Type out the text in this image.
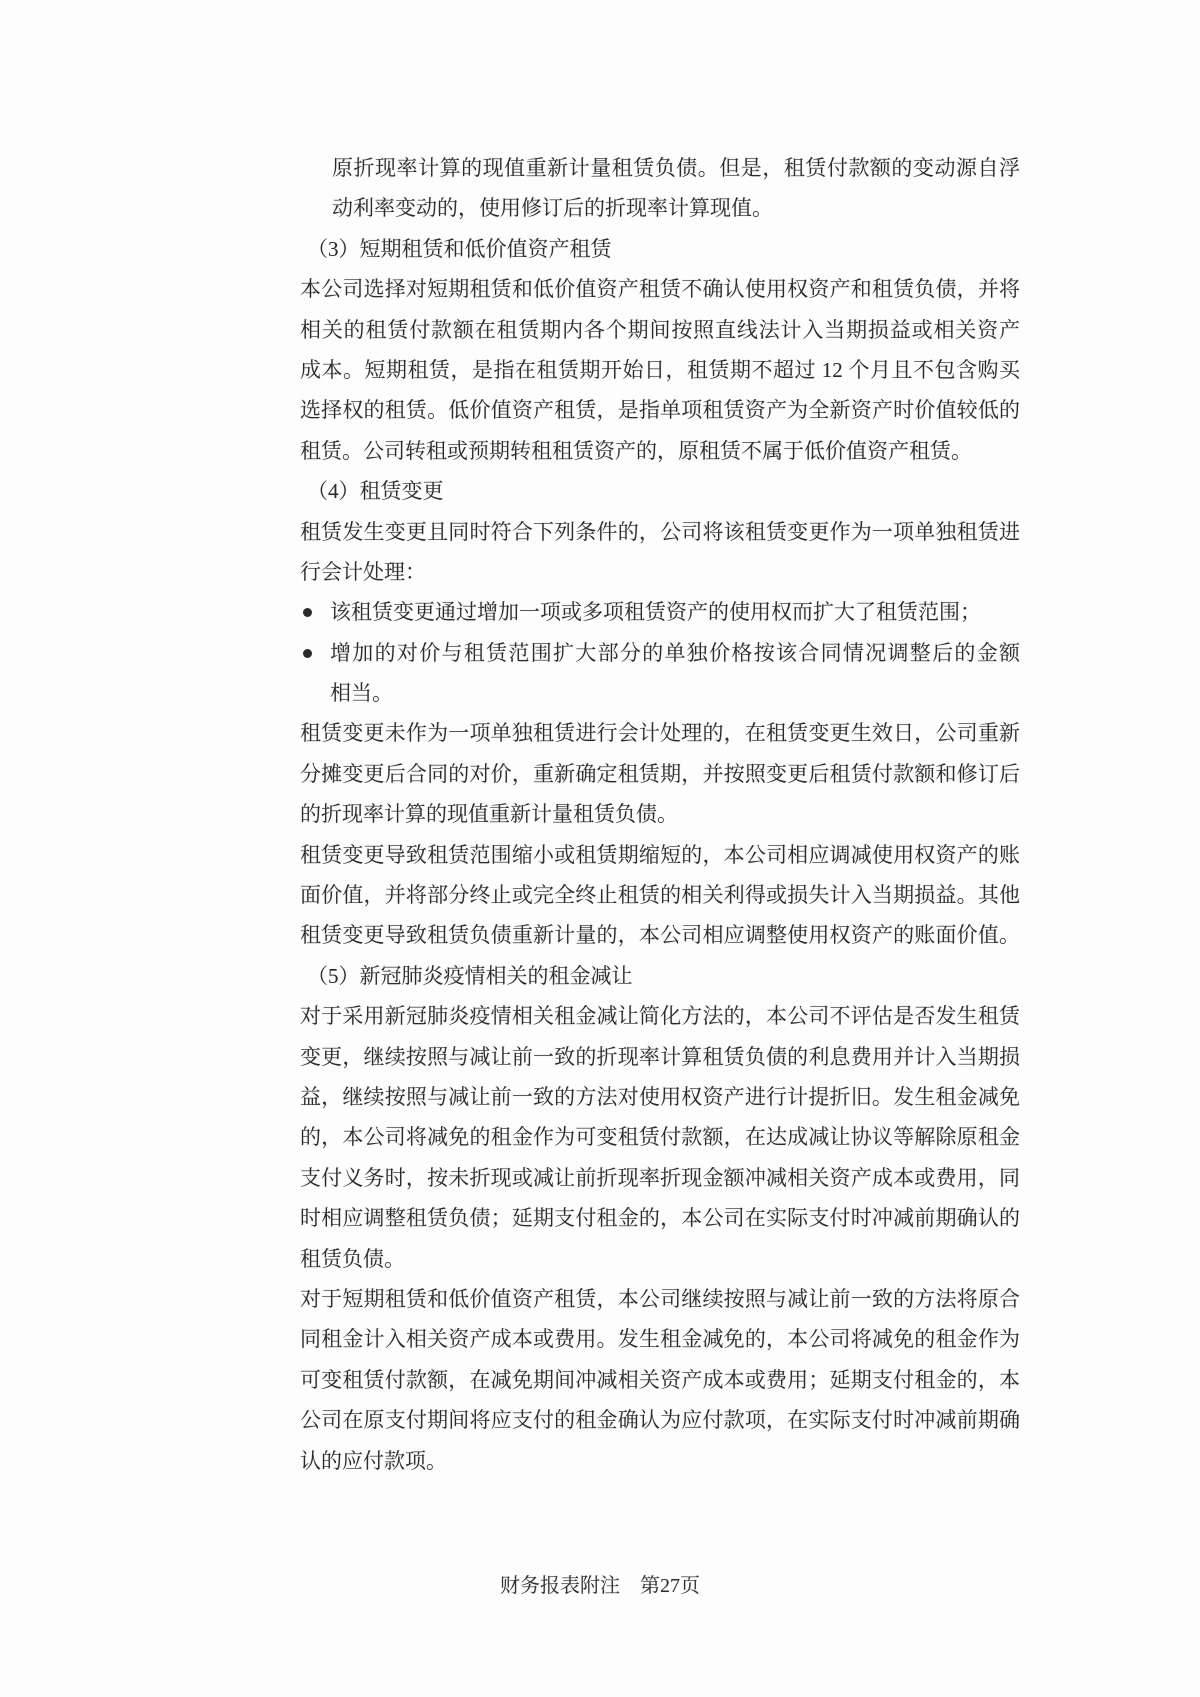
原折现率计算的现值重新计量租赁负债。但是，租赁付款额的变动源自浮
动利率变动的，使用修订后的折现率计算现值。
（3）短期租赁和低价值资产租赁
本公司选择对短期租赁和低价值资产租赁不确认使用权资产和租赁负债，并将
相关的租赁付款额在租赁期内各个期间按照直线法计入当期损益或相关资产
成本。短期租赁，是指在租赁期开始日，租赁期不超过 12 个月且不包含购买
选择权的租赁。低价值资产租赁，是指单项租赁资产为全新资产时价值较低的
租赁。公司转租或预期转租租赁资产的，原租赁不属于低价值资产租赁。
（4）租赁变更
租赁发生变更且同时符合下列条件的，公司将该租赁变更作为一项单独租赁进
行会计处理：
该租赁变更通过增加一项或多项租赁资产的使用权而扩大了租赁范围；
增加的对价与租赁范围扩大部分的单独价格按该合同情况调整后的金额
相当。
租赁变更未作为一项单独租赁进行会计处理的，在租赁变更生效日，公司重新
分摊变更后合同的对价，重新确定租赁期，并按照变更后租赁付款额和修订后
的折现率计算的现值重新计量租赁负债。
租赁变更导致租赁范围缩小或租赁期缩短的，本公司相应调减使用权资产的账
面价值，并将部分终止或完全终止租赁的相关利得或损失计入当期损益。其他
租赁变更导致租赁负债重新计量的，本公司相应调整使用权资产的账面价值。
（5）新冠肺炎疫情相关的租金减让
对于采用新冠肺炎疫情相关租金减让简化方法的，本公司不评估是否发生租赁
变更，继续按照与减让前一致的折现率计算租赁负债的利息费用并计入当期损
益，继续按照与减让前一致的方法对使用权资产进行计提折旧。发生租金减免
的，本公司将减免的租金作为可变租赁付款额，在达成减让协议等解除原租金
支付义务时，按未折现或减让前折现率折现金额冲减相关资产成本或费用，同
时相应调整租赁负债；延期支付租金的，本公司在实际支付时冲减前期确认的
租赁负债。
对于短期租赁和低价值资产租赁，本公司继续按照与减让前一致的方法将原合
同租金计入相关资产成本或费用。发生租金减免的，本公司将减免的租金作为
可变租赁付款额，在减免期间冲减相关资产成本或费用；延期支付租金的，本
公司在原支付期间将应支付的租金确认为应付款项，在实际支付时冲减前期确
认的应付款项。
财务报表附注　第27页
